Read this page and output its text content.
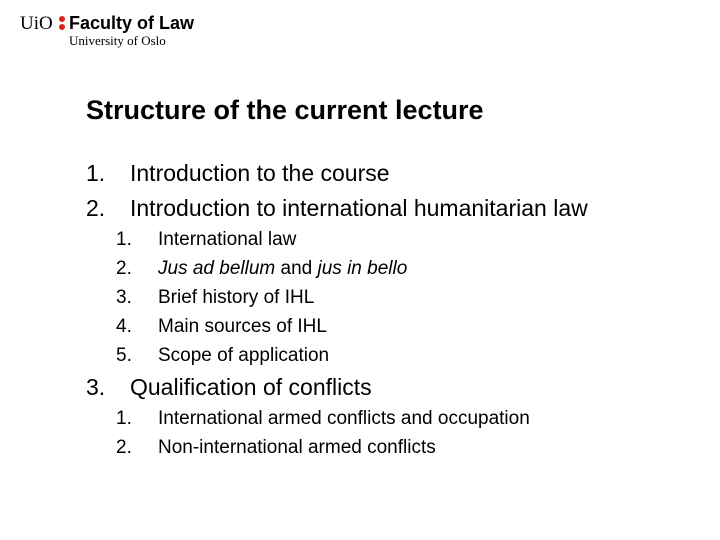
UiO Faculty of Law
University of Oslo
Structure of the current lecture
1. Introduction to the course
2. Introduction to international humanitarian law
1. International law
2. Jus ad bellum and jus in bello
3. Brief history of IHL
4. Main sources of IHL
5. Scope of application
3. Qualification of conflicts
1. International armed conflicts and occupation
2. Non-international armed conflicts
